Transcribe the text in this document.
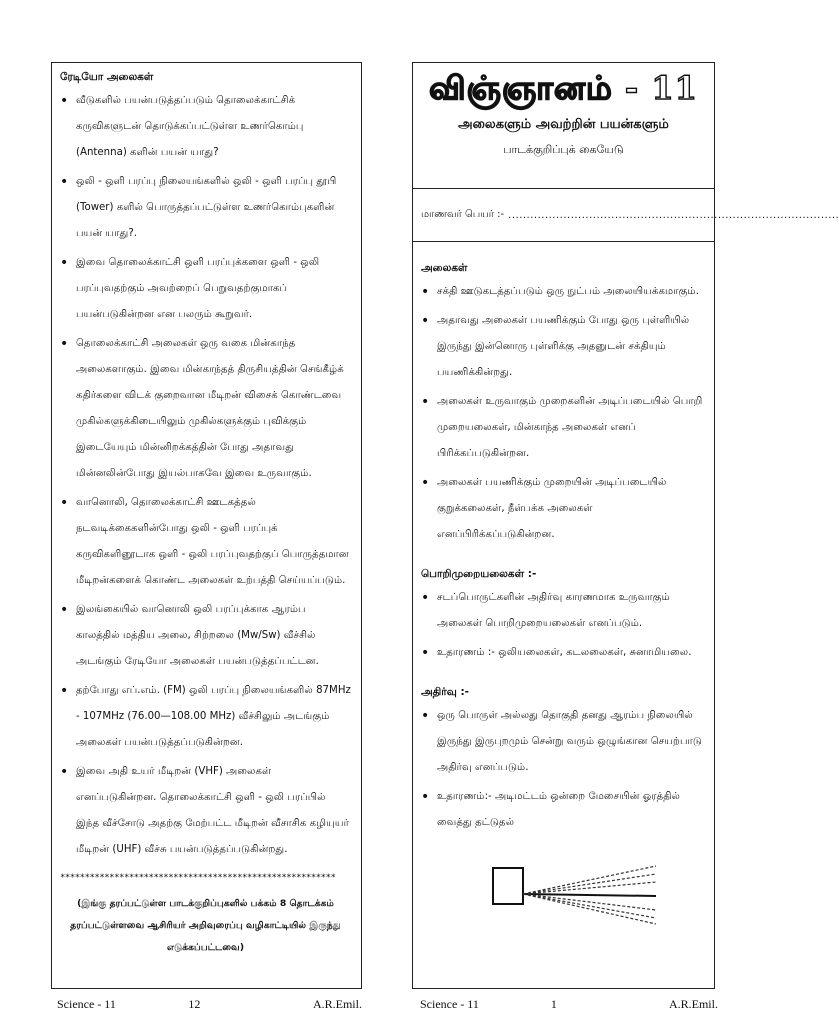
ரேடியோ அலைகள்
• வீடுகளில் பயன்படுத்தப்படும் தொலைக்காட்சிக் கருவிகளுடன் தொடுக்கப்பட்டுள்ள உணர்கொம்பு (Antenna) களின் பயன் யாது?
• ஒலி - ஒளி பரப்பு நிலையங்களில் ஒலி - ஒளி பரப்பு தூபி (Tower) களில் பொருத்தப்பட்டுள்ள உணர்கொம்புகளின் பயன் யாது?.
• இவை தொலைக்காட்சி ஒளி பரப்புக்களை ஒளி - ஒலி பரப்புவதற்கும் அவற்றைப் பெறுவதற்குமாகப் பயன்படுகின்றன என பலரும் கூறுவர்.
• தொலைக்காட்சி அலைகள் ஒரு வகை மின்காந்த அலைகளாகும். இவை மின்காந்தத் திருசியத்தின் செங்கீழ்க் கதிர்களை விடக் குறைவான மீடிறன் விசைக் கொண்டவை முகில்களுக்கிடையிலும் முகில்களுக்கும் புவிக்கும் இடையேயும் மின்னிறக்கத்தின் போது அதாவது மின்னலின்போது இயல்பாகவே இவை உருவாகும்.
• வானொலி, தொலைக்காட்சி ஊடகத்தல் நடவடிக்கைகளின்போது ஒலி - ஒளி பரப்புக் கருவிகளினூடாக ஒளி - ஒலி பரப்புவதற்குப் பொருத்தமான மீடிறன்களைக் கொண்ட அலைகள் உற்பத்தி செய்யப்படும்.
• இலங்கையில் வானொலி ஒலி பரப்புக்காக ஆரம்ப காலத்தில் மத்திய அலை, சிற்றலை (Mw/Sw) வீச்சில் அடங்கும் ரேடியோ அலைகள் பயன்படுத்தப்பட்டன.
• தற்போது எப்.எம். (FM) ஒலி பரப்பு நிலையங்களில் 87MHz - 107MHz (76.00—108.00 MHz) வீச்சிலும் அடங்கும் அலைகள் பயன்படுத்தப்படுகின்றன.
• இவை அதி உயர் மீடிறன் (VHF) அலைகள் எனப்படுகின்றன. தொலைக்காட்சி ஒளி - ஒலி பரப்பில் இந்த வீச்சோடு அதற்கு மேற்பட்ட மீடிறன் வீசாசிக கழியுயர் மீடிறன் (UHF) வீச்சு பயன்படுத்தப்படுகின்றது.
********************************************************
(இங்கு தரப்பட்டுள்ள பாடக்குறிப்புகளில் பக்கம் 8 தொடக்கம் தரப்பட்டுள்ளவை ஆசிரியர் அறிவுரைப்பு வழிகாட்டியில் இருந்து எடுக்கப்பட்டவை)
விஞ்ஞானம் - 11
அலைகளும் அவற்றின் பயன்களும்
பாடக்குறிப்புக் கையேடு
மாணவர் பெயர் :- ..........................................................................................
அலைகள்
• சக்தி ஊடுகடத்தப்படும் ஒரு நுட்பம் அலையியக்கமாகும்.
• அதாவது அலைகள் பயணிக்கும் போது ஒரு புள்ளியில் இருந்து இன்னொரு புள்ளிக்கு அதனுடன் சக்தியும் பயணிக்கின்றது.
• அலைகள் உருவாகும் முறைகளின் அடிப்படையில் பொறி முறையலைகள், மின்காந்த அலைகள் எனப் பிரிக்கப்படுகின்றன.
• அலைகள் பயணிக்கும் முறையின் அடிப்படையில் குறுக்கலைகள், நீள்பக்க அலைகள் எனப்பிரிக்கப்படுகின்றன.
பொறிமுறையலைகள் :-
• சடப்பொருட்களின் அதிர்வு காரணமாக உருவாகும் அலைகள் பொறிமுறையலைகள் எனப்படும்.
• உதாரணம் :- ஒலியலைகள், கடலலைகள், சுனாமியலை.
அதிர்வு :-
• ஒரு பொருள் அல்லது தொகுதி தனது ஆரம்ப நிலையில் இருந்து இருபுறமும் சென்று வரும் ஒழுங்கான செயற்பாடு அதிர்வு எனப்படும்.
• உதாரணம்:- அடிமட்டம் ஒன்றை மேசையின் ஓரத்தில் வைத்து தட்டுதல்
Science - 11	12	A.R.Emil.	Science - 11	1	A.R.Emil.
